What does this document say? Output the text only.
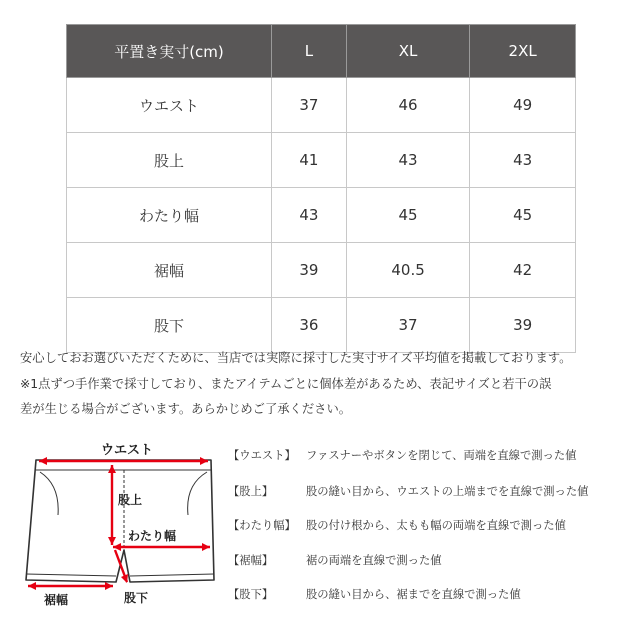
平置き実寸(cm)	L	XL	2XL
ウエスト	37	46	49
股上	41	43	43
わたり幅	43	45	45
裾幅	39	40.5	42
股下	36	37	39
安心しておお選びいただくために、当店では実際に採寸した実寸サイズ平均値を掲載しております。
※1点ずつ手作業で採寸しており、またアイテムごとに個体差があるため、表記サイズと若干の誤
差が生じる場合がございます。あらかじめご了承ください。
ウエスト
股上
わたり幅
裾幅	股下
【ウエスト】 ファスナーやボタンを閉じて、両端を直線で測った値
【股上】	股の縫い目から、ウエストの上端までを直線で測った値
【わたり幅】 股の付け根から、太もも幅の両端を直線で測った値
【裾幅】	裾の両端を直線で測った値
【股下】	股の縫い目から、裾までを直線で測った値
